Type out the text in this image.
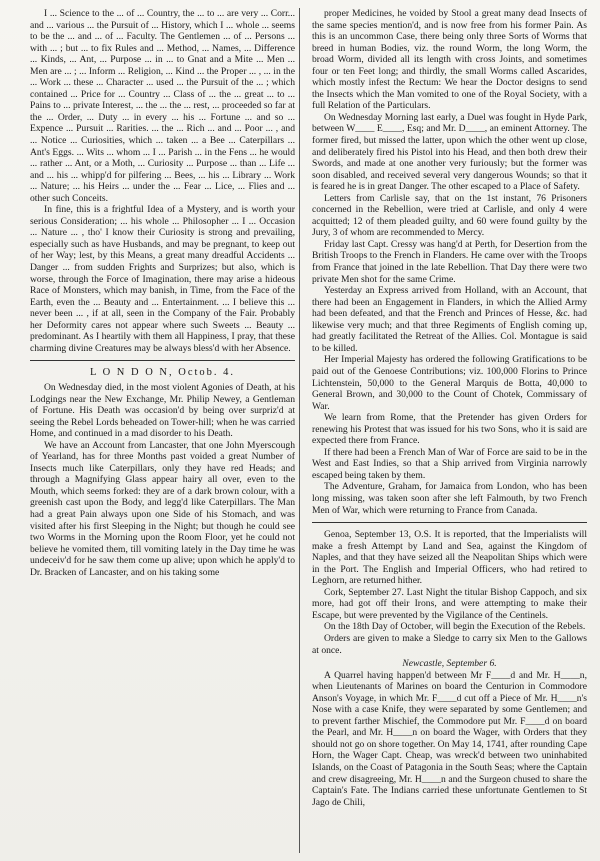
I ... Science to the ... of ... Country, the ... to ... are very ... Corr... and ... various ... the Pursuit of ... History, which I ... whole ... seems to be the ... and ... of ... Faculty. The Gentlemen ... of ... Persons ... with ... ; but ... to fix Rules and ... Method, ... Names, ... Difference ... Kinds, ... Ant, ... Purpose ... in ... to Gnat and a Mite ... Men ... Men are ... ; ... Inform ... Religion, ... Kind ... the Proper ... , ... in the ... Work ... these ... Character ... used ... the Pursuit of the ... ; which contained ... Price for ... Country ... Class of ... the ... great ... to ... Pains to ... private Interest, ... the ... the ... rest, ... proceeded so far at the ... Order, ... Duty ... in every ... his ... Fortune ... and so ... Expence ... Pursuit ... Rarities. ... the ... Rich ... and ... Poor ... , and ... Notice ... Curiosities, which ... taken ... a Bee ... Caterpillars ... Ant's Eggs. ... Wits ... whom ... I ... Parish ... in the Fens ... he would ... rather ... Ant, or a Moth, ... Curiosity ... Purpose ... than ... Life ... and ... his ... whipp'd for pilfering ... Bees, ... his ... Library ... Work ... Nature; ... his Heirs ... under the ... Fear ... Lice, ... Flies and ... other such Conceits.

In fine, this is a frightful Idea of a Mystery, and is worth your serious Consideration; ... his whole ... Philosopher ... I ... Occasion ... Nature ... , tho' I know their Curiosity is strong and prevailing, especially such as have Husbands, and may be pregnant, to keep out of her Way; lest, by this Means, a great many dreadful Accidents ... Danger ... from sudden Frights and Surprizes; but also, which is worse, through the Force of Imagination, there may arise a hideous Race of Monsters, which may banish, in Time, from the Face of the Earth, even the ... Beauty and ... Entertainment. ... I believe this ... never been ... , if at all, seen in the Company of the Fair. Probably her Deformity cares not appear where such Sweets ... Beauty ... predominant. As I heartily with them all Happiness, I pray, that these charming divine Creatures may be always bless'd with her Absence.

L O N D O N, Octob. 4.

On Wednesday died, in the most violent Agonies of Death, at his Lodgings near the New Exchange, Mr. Philip Newey, a Gentleman of Fortune. His Death was occasion'd by being over surpriz'd at seeing the Rebel Lords beheaded on Tower-hill; when he was carried Home, and continued in a mad disorder to his Death.

We have an Account from Lancaster, that one John Myerscough of Yearland, has for three Months past voided a great Number of Insects much like Caterpillars, only they have red Heads; and through a Magnifying Glass appear hairy all over, even to the Mouth, which seems forked: they are of a dark brown colour, with a greenish cast upon the Body, and legg'd like Caterpillars. The Man had a great Pain always upon one Side of his Stomach, and was visited after his first Sleeping in the Night; but though he could see two Worms in the Morning upon the Room Floor, yet he could not believe he vomited them, till vomiting lately in the Day time he was undeceiv'd for he saw them come up alive; upon which he apply'd to Dr. Bracken of Lancaster, and on his taking some

proper Medicines, he voided by Stool a great many dead Insects of the same species mention'd, and is now free from his former Pain. As this is an uncommon Case, there being only three Sorts of Worms that breed in human Bodies, viz. the round Worm, the long Worm, the broad Worm, divided all its length with cross Joints, and sometimes four or ten Feet long; and thirdly, the small Worms called Ascarides, which mostly infest the Rectum: We hear the Doctor designs to send the Insects which the Man vomited to one of the Royal Society, with a full Relation of the Particulars.

On Wednesday Morning last early, a Duel was fought in Hyde Park, between W____ E____, Esq; and Mr. D____, an eminent Attorney. The former fired, but missed the latter, upon which the other went up close, and deliberately fired his Pistol into his Head, and then both drew their Swords, and made at one another very furiously; but the former was soon disabled, and received several very dangerous Wounds; so that it is feared he is in great Danger. The other escaped to a Place of Safety.

Letters from Carlisle say, that on the 1st instant, 76 Prisoners concerned in the Rebellion, were tried at Carlisle, and only 4 were acquitted; 12 of them pleaded guilty, and 60 were found guilty by the Jury, 3 of whom are recommended to Mercy.

Friday last Capt. Cressy was hang'd at Perth, for Desertion from the British Troops to the French in Flanders. He came over with the Troops from France that joined in the late Rebellion. That Day there were two private Men shot for the same Crime.

Yesterday an Express arrived from Holland, with an Account, that there had been an Engagement in Flanders, in which the Allied Army had been defeated, and that the French and Princes of Hesse, &c. had likewise very much; and that three Regiments of English coming up, had greatly facilitated the Retreat of the Allies. Col. Montague is said to be killed.

Her Imperial Majesty has ordered the following Gratifications to be paid out of the Genoese Contributions; viz. 100,000 Florins to Prince Lichtenstein, 50,000 to the General Marquis de Botta, 40,000 to General Brown, and 30,000 to the Count of Chotek, Commissary of War.

We learn from Rome, that the Pretender has given Orders for renewing his Protest that was issued for his two Sons, who it is said are expected there from France.

If there had been a French Man of War of Force are said to be in the West and East Indies, so that a Ship arrived from Virginia narrowly escaped being taken by them.

The Adventure, Graham, for Jamaica from London, who has been long missing, was taken soon after she left Falmouth, by two French Men of War, which were returning to France from Canada.

Genoa, September 13, O.S. It is reported, that the Imperialists will make a fresh Attempt by Land and Sea, against the Kingdom of Naples, and that they have seized all the Neapolitan Ships which were in the Port. The English and Imperial Officers, who had retired to Leghorn, are returned hither.

Cork, September 27. Last Night the titular Bishop Cappoch, and six more, had got off their Irons, and were attempting to make their Escape, but were prevented by the Vigilance of the Centinels.

On the 18th Day of October, will begin the Execution of the Rebels.

Orders are given to make a Sledge to carry six Men to the Gallows at once.

Newcastle, September 6.

A Quarrel having happen'd between Mr F____d and Mr. H____n, when Lieutenants of Marines on board the Centurion in Commodore Anson's Voyage, in which Mr. F____d cut off a Piece of Mr. H____n's Nose with a case Knife, they were separated by some Gentlemen; and to prevent farther Mischief, the Commodore put Mr. F____d on board the Pearl, and Mr. H____n on board the Wager, with Orders that they should not go on shore together. On May 14, 1741, after rounding Cape Horn, the Wager Capt. Cheap, was wreck'd between two uninhabited Islands, on the Coast of Patagonia in the South Seas; where the Captain and crew disagreeing, Mr. H____n and the Surgeon chused to share the Captain's Fate. The Indians carried these unfortunate Gentlemen to St Jago de Chili,
